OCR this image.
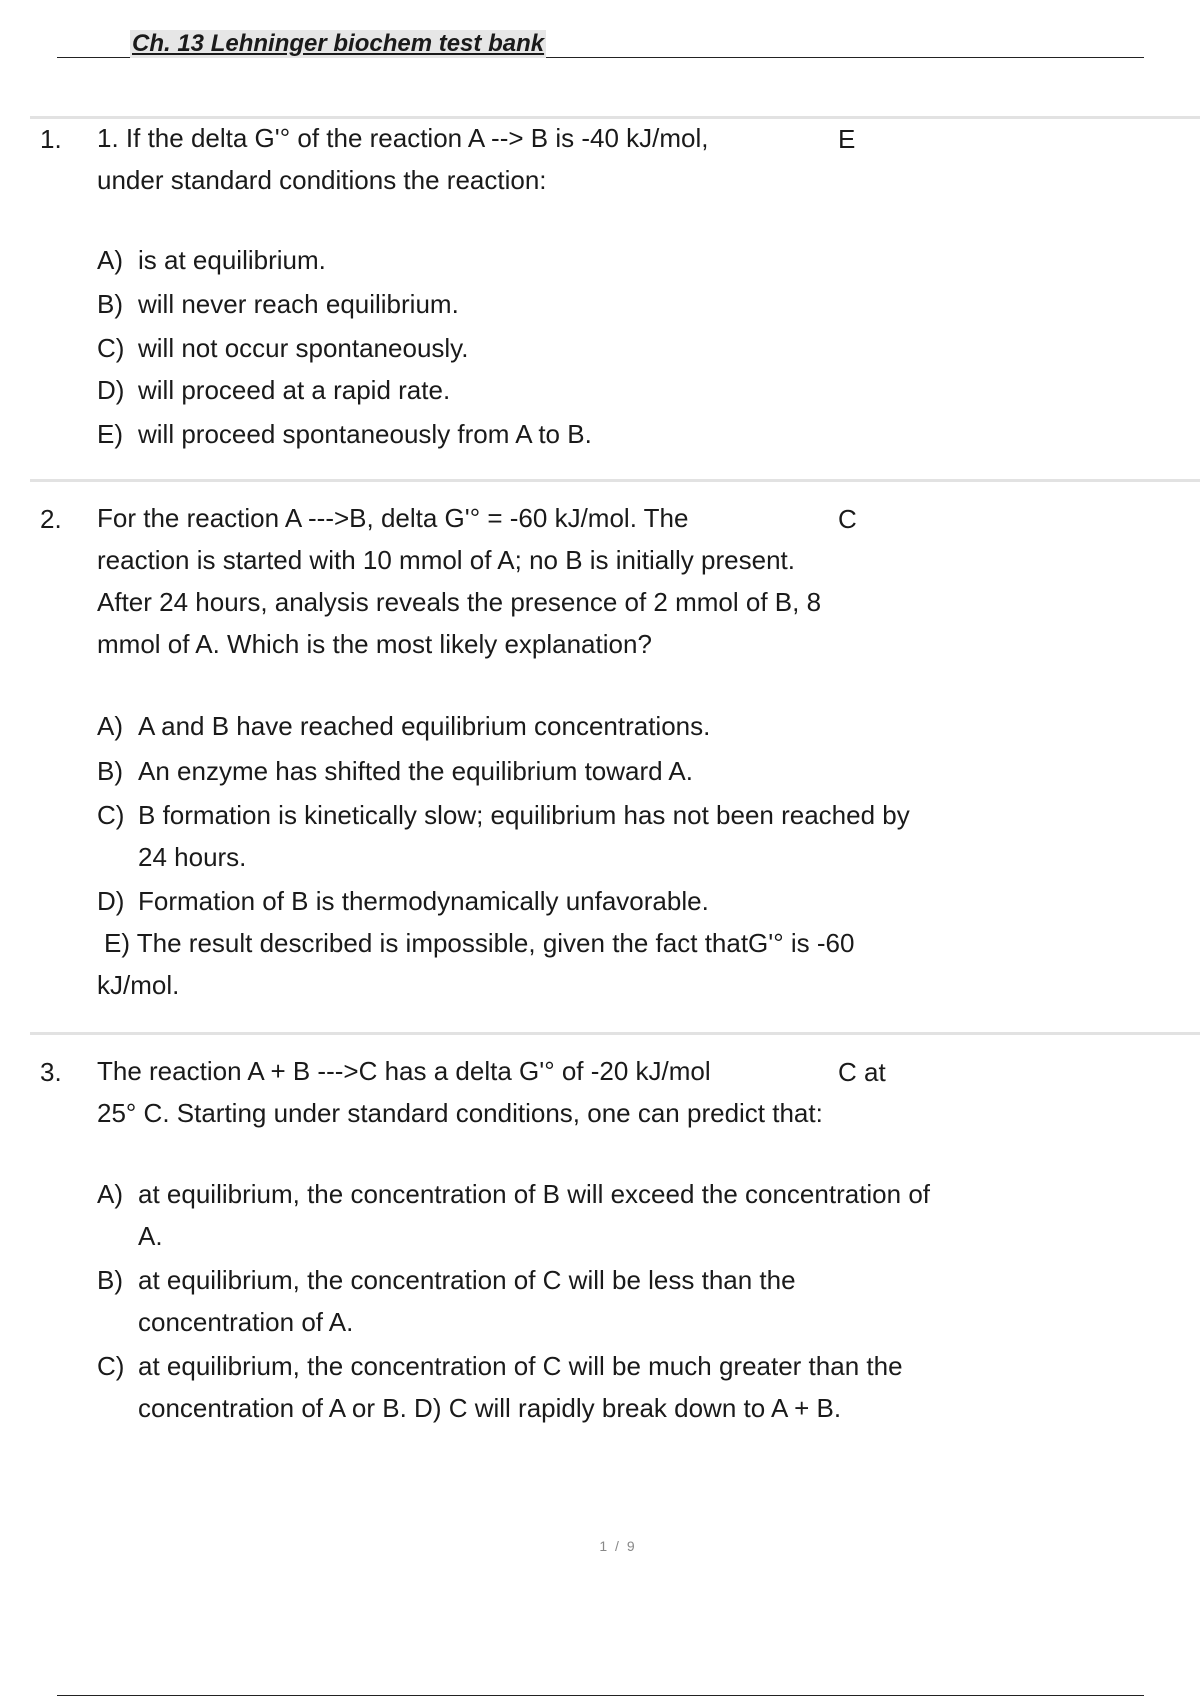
Ch. 13 Lehninger biochem test bank
1. 1. If the delta G'° of the reaction A --> B is -40 kJ/mol,
under standard conditions the reaction:
E
A) is at equilibrium.
B) will never reach equilibrium.
C) will not occur spontaneously.
D) will proceed at a rapid rate.
E) will proceed spontaneously from A to B.
2. For the reaction A --->B, delta G'° = -60 kJ/mol. The
reaction is started with 10 mmol of A; no B is initially present.
After 24 hours, analysis reveals the presence of 2 mmol of B, 8
mmol of A. Which is the most likely explanation?
C
A) A and B have reached equilibrium concentrations.
B) An enzyme has shifted the equilibrium toward A.
C) B formation is kinetically slow; equilibrium has not been reached by 24 hours.
D) Formation of B is thermodynamically unfavorable.
E) The result described is impossible, given the fact thatG'° is -60 kJ/mol.
3. The reaction A + B --->C has a delta G'° of -20 kJ/mol
25° C. Starting under standard conditions, one can predict that:
C at
A) at equilibrium, the concentration of B will exceed the concentration of A.
B) at equilibrium, the concentration of C will be less than the concentration of A.
C) at equilibrium, the concentration of C will be much greater than the concentration of A or B. D) C will rapidly break down to A + B.
1 / 9
